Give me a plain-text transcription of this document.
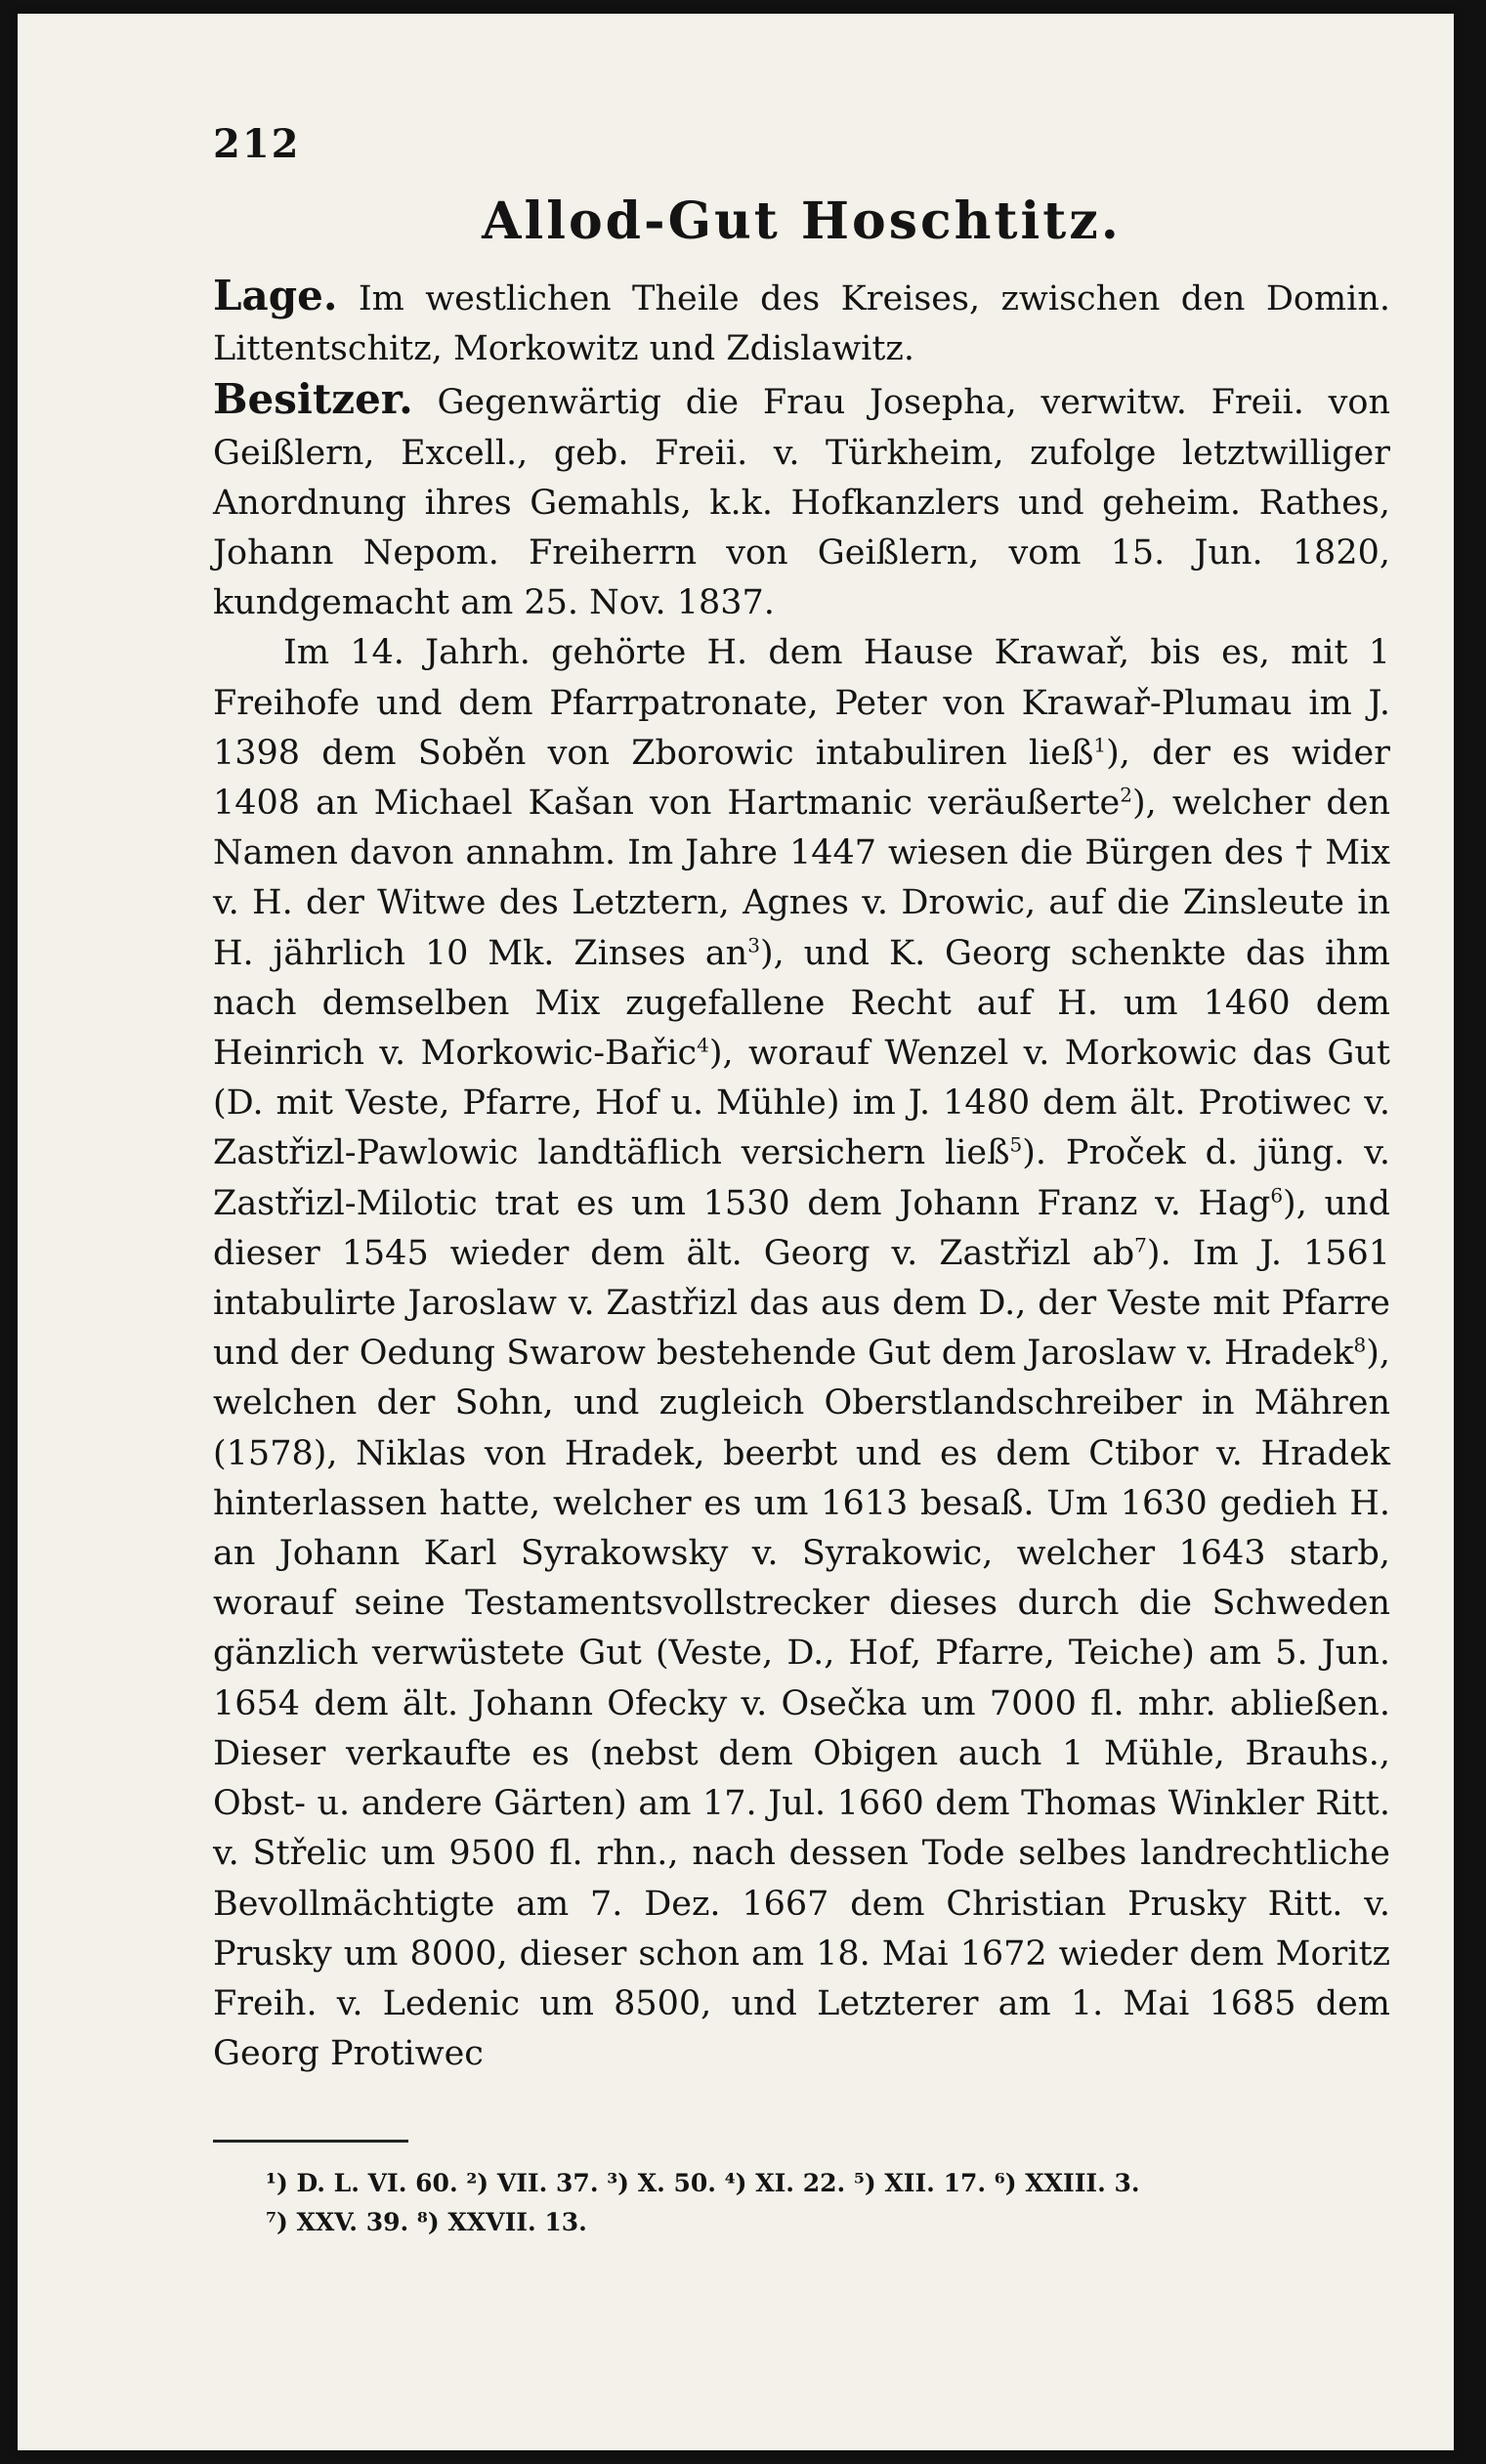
212
Allod-Gut Hoschtitz.

Lage. Im westlichen Theile des Kreises, zwischen den Domin. Littentschitz, Morkowitz und Zdislawitz.

Besitzer. Gegenwärtig die Frau Josepha, verwitw. Freii. von Geißlern, Excell., geb. Freii. v. Türkheim, zufolge letztwilliger Anordnung ihres Gemahls, k.k. Hofkanzlers und geheim. Rathes, Johann Nepom. Freiherrn von Geißlern, vom 15. Jun. 1820, kundgemacht am 25. Nov. 1837.

Im 14. Jahrh. gehörte H. dem Hause Krawař, bis es, mit 1 Freihofe und dem Pfarrpatronate, Peter von Krawař-Plumau im J. 1398 dem Soběn von Zborowic intabuliren ließ$^1$), der es wider 1408 an Michael Kašan von Hartmanic veräußerte$^2$), welcher den Namen davon annahm. Im Jahre 1447 wiesen die Bürgen des † Mix v. H. der Witwe des Letztern, Agnes v. Drowic, auf die Zinsleute in H. jährlich 10 Mk. Zinses $an^3$), und K. Georg schenkte das ihm nach demselben Mix zugefallene Recht auf H. um 1460 dem Heinrich v. Morkowic-Bařic$^4$), worauf Wenzel v. Morkowic das Gut (D. mit Veste, Pfarre, Hof u. Mühle) im J. 1480 dem ält. Protiwec v. Zastřizl-Pawlowic landtäflich versichern ließ$^5$). Proček d. jüng. v. Zastřizl-Milotic trat es um 1530 dem Johann Franz v. Hag$^6$), und dieser 1545 wieder dem ält. Georg v. Zastřizl $ab^7$). Im J. 1561 intabulirte Jaroslaw v. Zastřizl das aus dem D., der Veste mit Pfarre und der Oedung Swarow bestehende Gut dem Jaroslaw v. Hradek$^8$), welchen der Sohn, und zugleich Oberstlandschreiber in Mähren (1578), Niklas von Hradek, beerbt und es dem Ctibor v. Hradek hinterlassen hatte, welcher es um 1613 besaß. Um 1630 gedieh H. an Johann Karl Syrakowsky v. Syrakowic, welcher 1643 starb, worauf seine Testamentsvollstrecker dieses durch die Schweden gänzlich verwüstete Gut (Veste, D., Hof, Pfarre, Teiche) am 5. Jun. 1654 dem ält. Johann Ofecky v. Osečka um 7000 fl. mhr. abließen. Dieser verkaufte es (nebst dem Obigen auch 1 Mühle, Brauhs., Obst- u. andere Gärten) am 17. Jul. 1660 dem Thomas Winkler Ritt. v. Střelic um 9500 fl. rhn., nach dessen Tode selbes landrechtliche Bevollmächtigte am 7. Dez. 1667 dem Christian Prusky Ritt. v. Prusky um 8000, dieser schon am 18. Mai 1672 wieder dem Moritz Freih. v. Ledenic um 8500, und Letzterer am 1. Mai 1685 dem Georg Protiwec

¹) D. L. VI. 60. ²) VII. 37. ³) X. 50. ⁴) XI. 22. ⁵) XII. 17. ⁶) XXIII. 3.
⁷) XXV. 39. ⁸) XXVII. 13.
